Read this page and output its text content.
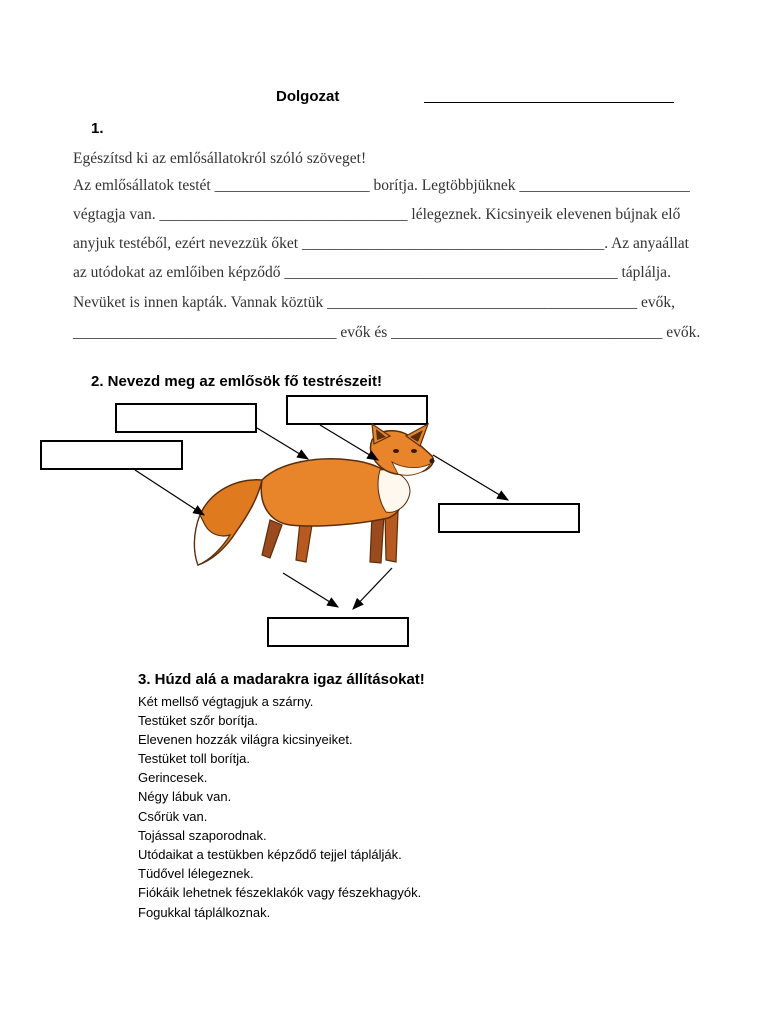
Dolgozat
1.
Egészítsd ki az emlősállatokról szóló szöveget!
Az emlősállatok testét ____________________ borítja. Legtöbbjüknek ______________________
végtagja van. ________________________________ lélegeznek. Kicsinyeik elevenen bújnak elő
anyjuk testéből, ezért nevezzük őket _______________________________________. Az anyaállat
az utódokat az emlőiben képződő ___________________________________________ táplálja.
Nevüket is innen kapták. Vannak köztük ________________________________________ evők,
__________________________________ evők és ___________________________________ evők.
2. Nevezd meg az emlősök fő testrészeit!
3. Húzd alá a madarakra igaz állításokat!
Két mellső végtagjuk a szárny.
Testüket szőr borítja.
Elevenen hozzák világra kicsinyeiket.
Testüket toll borítja.
Gerincesek.
Négy lábuk van.
Csőrük van.
Tojással szaporodnak.
Utódaikat a testükben képződő tejjel táplálják.
Tüdővel lélegeznek.
Fiókáik lehetnek fészeklakók vagy fészekhagyók.
Fogukkal táplálkoznak.
